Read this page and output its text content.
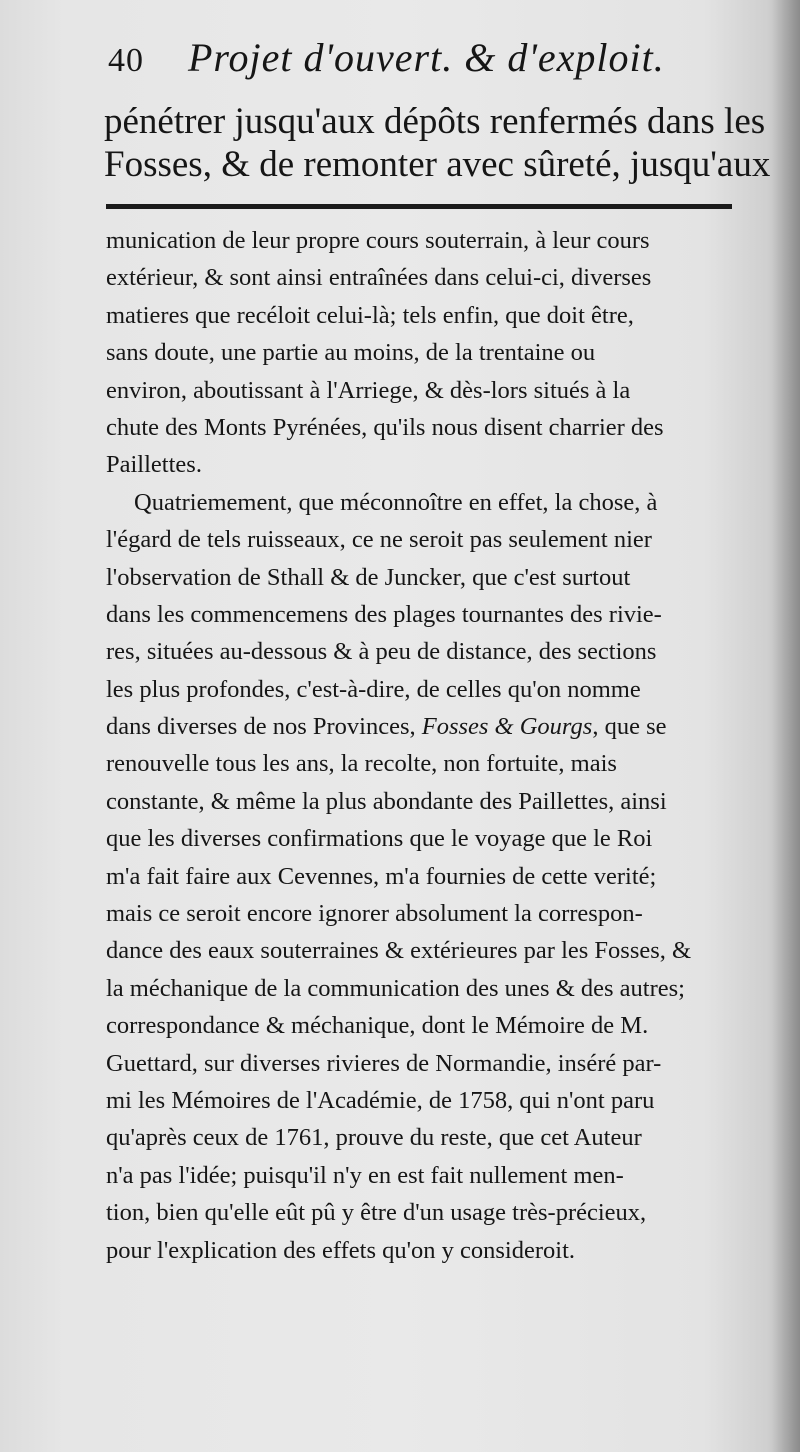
40 Projet d'ouvert. & d'exploit.
pénétrer jusqu'aux dépôts renfermés dans les
Fosses, & de remonter avec sûreté, jusqu'aux
munication de leur propre cours souterrain, à leur cours
extérieur, & sont ainsi entraînées dans celui-ci, diverses
matieres que recéloit celui-là; tels enfin, que doit être,
sans doute, une partie au moins, de la trentaine ou
environ, aboutissant à l'Arriege, & dès-lors situés à la
chute des Monts Pyrénées, qu'ils nous disent charrier des
Paillettes.
Quatriemement, que méconnoître en effet, la chose, à
l'égard de tels ruisseaux, ce ne seroit pas seulement nier
l'observation de Sthall & de Juncker, que c'est surtout
dans les commencemens des plages tournantes des rivie-
res, situées au-dessous & à peu de distance, des sections
les plus profondes, c'est-à-dire, de celles qu'on nomme
dans diverses de nos Provinces, Fosses & Gourgs, que se
renouvelle tous les ans, la recolte, non fortuite, mais
constante, & même la plus abondante des Paillettes, ainsi
que les diverses confirmations que le voyage que le Roi
m'a fait faire aux Cevennes, m'a fournies de cette verité;
mais ce seroit encore ignorer absolument la correspon-
dance des eaux souterraines & extérieures par les Fosses, &
la méchanique de la communication des unes & des autres;
correspondance & méchanique, dont le Mémoire de M.
Guettard, sur diverses rivieres de Normandie, inséré par-
mi les Mémoires de l'Académie, de 1758, qui n'ont paru
qu'après ceux de 1761, prouve du reste, que cet Auteur
n'a pas l'idée; puisqu'il n'y en est fait nullement men-
tion, bien qu'elle eût pû y être d'un usage très-précieux,
pour l'explication des effets qu'on y consideroit.
